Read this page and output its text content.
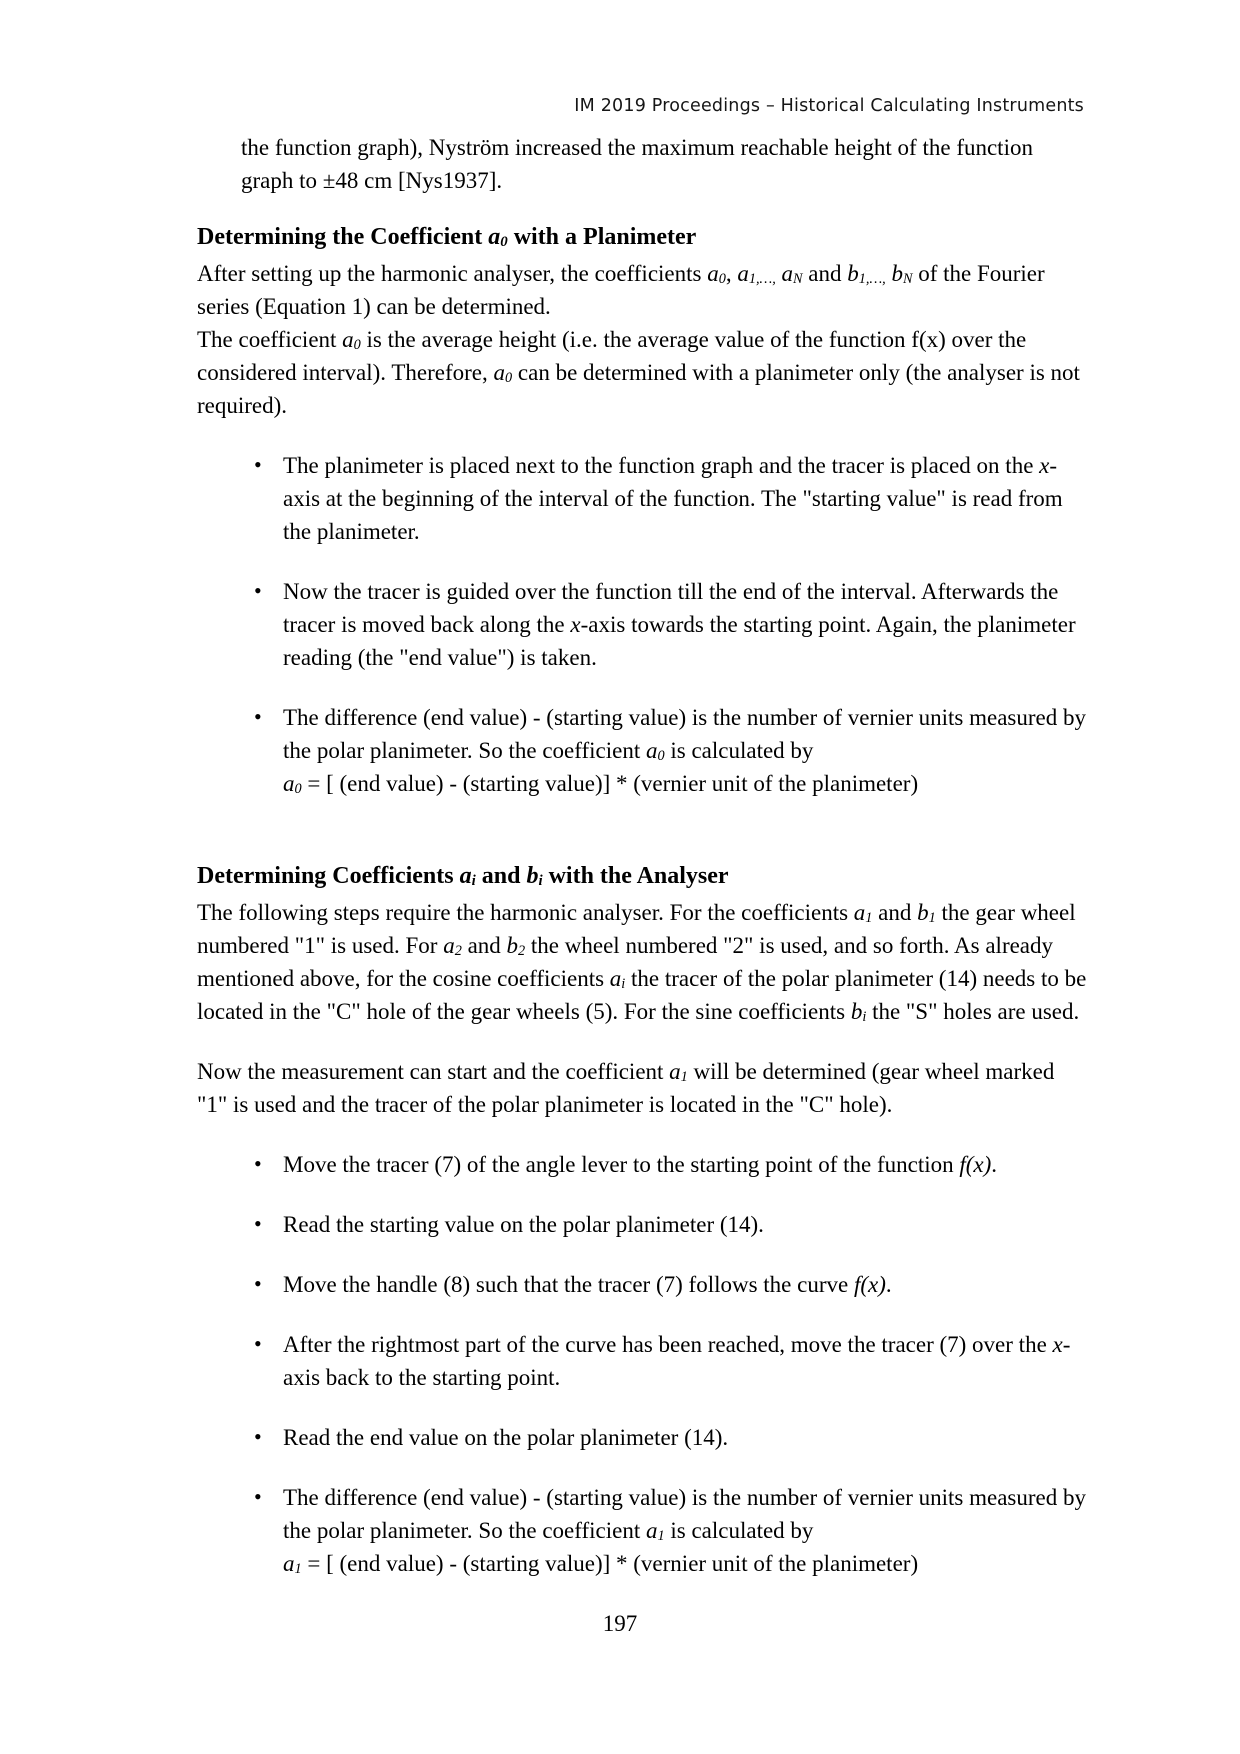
IM 2019 Proceedings – Historical Calculating Instruments

the function graph), Nyström increased the maximum reachable height of the function graph to ±48 cm [Nys1937].

Determining the Coefficient $a_0$ with a Planimeter

After setting up the harmonic analyser, the coefficients $a_0$, $a_{1,\dots,}$ $a_N$ and $b_{1,\dots,}$ $b_N$ of the Fourier series (Equation 1) can be determined.

The coefficient $a_0$ is the average height (i.e. the average value of the function f(x) over the considered interval). Therefore, $a_0$ can be determined with a planimeter only (the analyser is not required).

• The planimeter is placed next to the function graph and the tracer is placed on the x-axis at the beginning of the interval of the function. The "starting value" is read from the planimeter.
• Now the tracer is guided over the function till the end of the interval. Afterwards the tracer is moved back along the x-axis towards the starting point. Again, the planimeter reading (the "end value") is taken.
• The difference (end value) - (starting value) is the number of vernier units measured by the polar planimeter. So the coefficient $a_0$ is calculated by
$a_0$ = [ (end value) - (starting value)] * (vernier unit of the planimeter)
Determining Coefficients $a_i$ and $b_i$ with the Analyser

The following steps require the harmonic analyser. For the coefficients $a_1$ and $b_1$ the gear wheel numbered "1" is used. For $a_2$ and $b_2$ the wheel numbered "2" is used, and so forth. As already mentioned above, for the cosine coefficients $a_i$ the tracer of the polar planimeter (14) needs to be located in the "C" hole of the gear wheels (5). For the sine coefficients $b_i$ the "S" holes are used.

Now the measurement can start and the coefficient $a_1$ will be determined (gear wheel marked "1" is used and the tracer of the polar planimeter is located in the "C" hole).

• Move the tracer (7) of the angle lever to the starting point of the function f(x).
• Read the starting value on the polar planimeter (14).
• Move the handle (8) such that the tracer (7) follows the curve f(x).
• After the rightmost part of the curve has been reached, move the tracer (7) over the x-axis back to the starting point.
• Read the end value on the polar planimeter (14).
• The difference (end value) - (starting value) is the number of vernier units measured by the polar planimeter. So the coefficient $a_1$ is calculated by
$a_1$ = [ (end value) - (starting value)] * (vernier unit of the planimeter)
197
